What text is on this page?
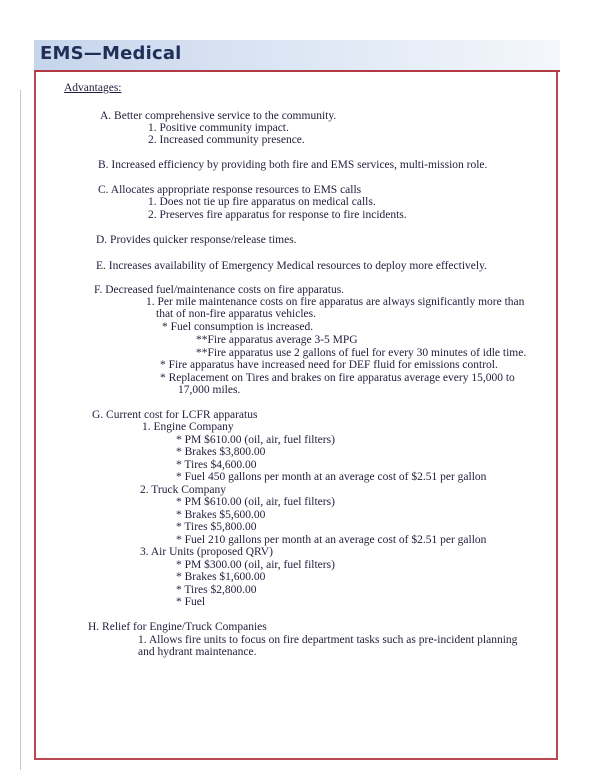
EMS—Medical
Advantages:
A. Better comprehensive service to the community.
1. Positive community impact.
2. Increased community presence.
B. Increased efficiency by providing both fire and EMS services, multi-mission role.
C. Allocates appropriate response resources to EMS calls
1. Does not tie up fire apparatus on medical calls.
2. Preserves fire apparatus for response to fire incidents.
D. Provides quicker response/release times.
E. Increases availability of Emergency Medical resources to deploy more effectively.
F. Decreased fuel/maintenance costs on fire apparatus.
1. Per mile maintenance costs on fire apparatus are always significantly more than
that of non-fire apparatus vehicles.
* Fuel consumption is increased.
**Fire apparatus average 3-5 MPG
**Fire apparatus use 2 gallons of fuel for every 30 minutes of idle time.
* Fire apparatus have increased need for DEF fluid for emissions control.
* Replacement on Tires and brakes on fire apparatus average every 15,000 to
17,000 miles.
G. Current cost for LCFR apparatus
1. Engine Company
* PM $610.00 (oil, air, fuel filters)
* Brakes $3,800.00
* Tires $4,600.00
* Fuel 450 gallons per month at an average cost of $2.51 per gallon
2. Truck Company
* PM $610.00 (oil, air, fuel filters)
* Brakes $5,600.00
* Tires $5,800.00
* Fuel 210 gallons per month at an average cost of $2.51 per gallon
3. Air Units (proposed QRV)
* PM $300.00 (oil, air, fuel filters)
* Brakes $1,600.00
* Tires $2,800.00
* Fuel
H. Relief for Engine/Truck Companies
1. Allows fire units to focus on fire department tasks such as pre-incident planning
and hydrant maintenance.
